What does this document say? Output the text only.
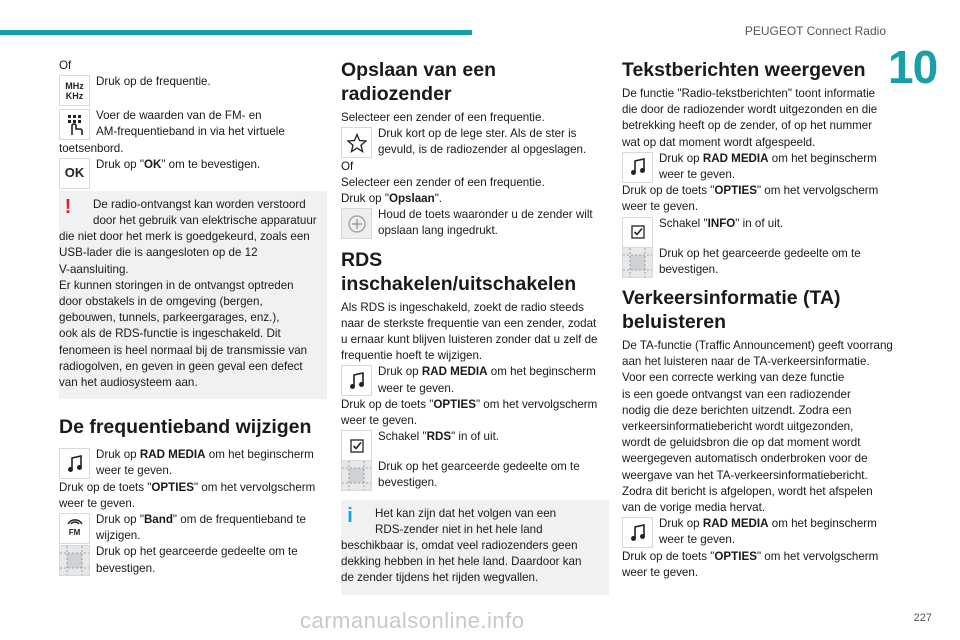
PEUGEOT Connect Radio
10
Of
MHz
KHz
Druk op de frequentie.
Voer de waarden van de FM- en
AM-frequentieband in via het virtuele
toetsenbord.
OK
Druk op "OK" om te bevestigen.
!	De radio-ontvangst kan worden verstoord
door het gebruik van elektrische apparatuur
die niet door het merk is goedgekeurd, zoals een
USB-lader die is aangesloten op de 12
V-aansluiting.
Er kunnen storingen in de ontvangst optreden
door obstakels in de omgeving (bergen,
gebouwen, tunnels, parkeergarages, enz.),
ook als de RDS-functie is ingeschakeld. Dit
fenomeen is heel normaal bij de transmissie van
radiogolven, en geven in geen geval een defect
van het audiosysteem aan.
De frequentieband wijzigen
Druk op RAD MEDIA om het beginscherm
weer te geven.
Druk op de toets "OPTIES" om het vervolgscherm
weer te geven.
FM
Druk op "Band" om de frequentieband te
wijzigen.
Druk op het gearceerde gedeelte om te
bevestigen.
Opslaan van een radiozender
Selecteer een zender of een frequentie.
Druk kort op de lege ster. Als de ster is
gevuld, is de radiozender al opgeslagen.
Of
Selecteer een zender of een frequentie.
Druk op "Opslaan".
Houd de toets waaronder u de zender wilt
opslaan lang ingedrukt.
RDS inschakelen/uitschakelen
Als RDS is ingeschakeld, zoekt de radio steeds
naar de sterkste frequentie van een zender, zodat
u ernaar kunt blijven luisteren zonder dat u zelf de
frequentie hoeft te wijzigen.
Druk op RAD MEDIA om het beginscherm
weer te geven.
Druk op de toets "OPTIES" om het vervolgscherm
weer te geven.
Schakel "RDS" in of uit.
Druk op het gearceerde gedeelte om te
bevestigen.
i	Het kan zijn dat het volgen van een
RDS-zender niet in het hele land
beschikbaar is, omdat veel radiozenders geen
dekking hebben in het hele land. Daardoor kan
de zender tijdens het rijden wegvallen.
Tekstberichten weergeven
De functie "Radio-tekstberichten" toont informatie
die door de radiozender wordt uitgezonden en die
betrekking heeft op de zender, of op het nummer
wat op dat moment wordt afgespeeld.
Druk op RAD MEDIA om het beginscherm
weer te geven.
Druk op de toets "OPTIES" om het vervolgscherm
weer te geven.
Schakel "INFO" in of uit.
Druk op het gearceerde gedeelte om te
bevestigen.
Verkeersinformatie (TA)
beluisteren
De TA-functie (Traffic Announcement) geeft voorrang
aan het luisteren naar de TA-verkeersinformatie.
Voor een correcte werking van deze functie
is een goede ontvangst van een radiozender
nodig die deze berichten uitzendt. Zodra een
verkeersinformatiebericht wordt uitgezonden,
wordt de geluidsbron die op dat moment wordt
weergegeven automatisch onderbroken voor de
weergave van het TA-verkeersinformatiebericht.
Zodra dit bericht is afgelopen, wordt het afspelen
van de vorige media hervat.
Druk op RAD MEDIA om het beginscherm
weer te geven.
Druk op de toets "OPTIES" om het vervolgscherm
weer te geven.
carmanualsonline.info	227
